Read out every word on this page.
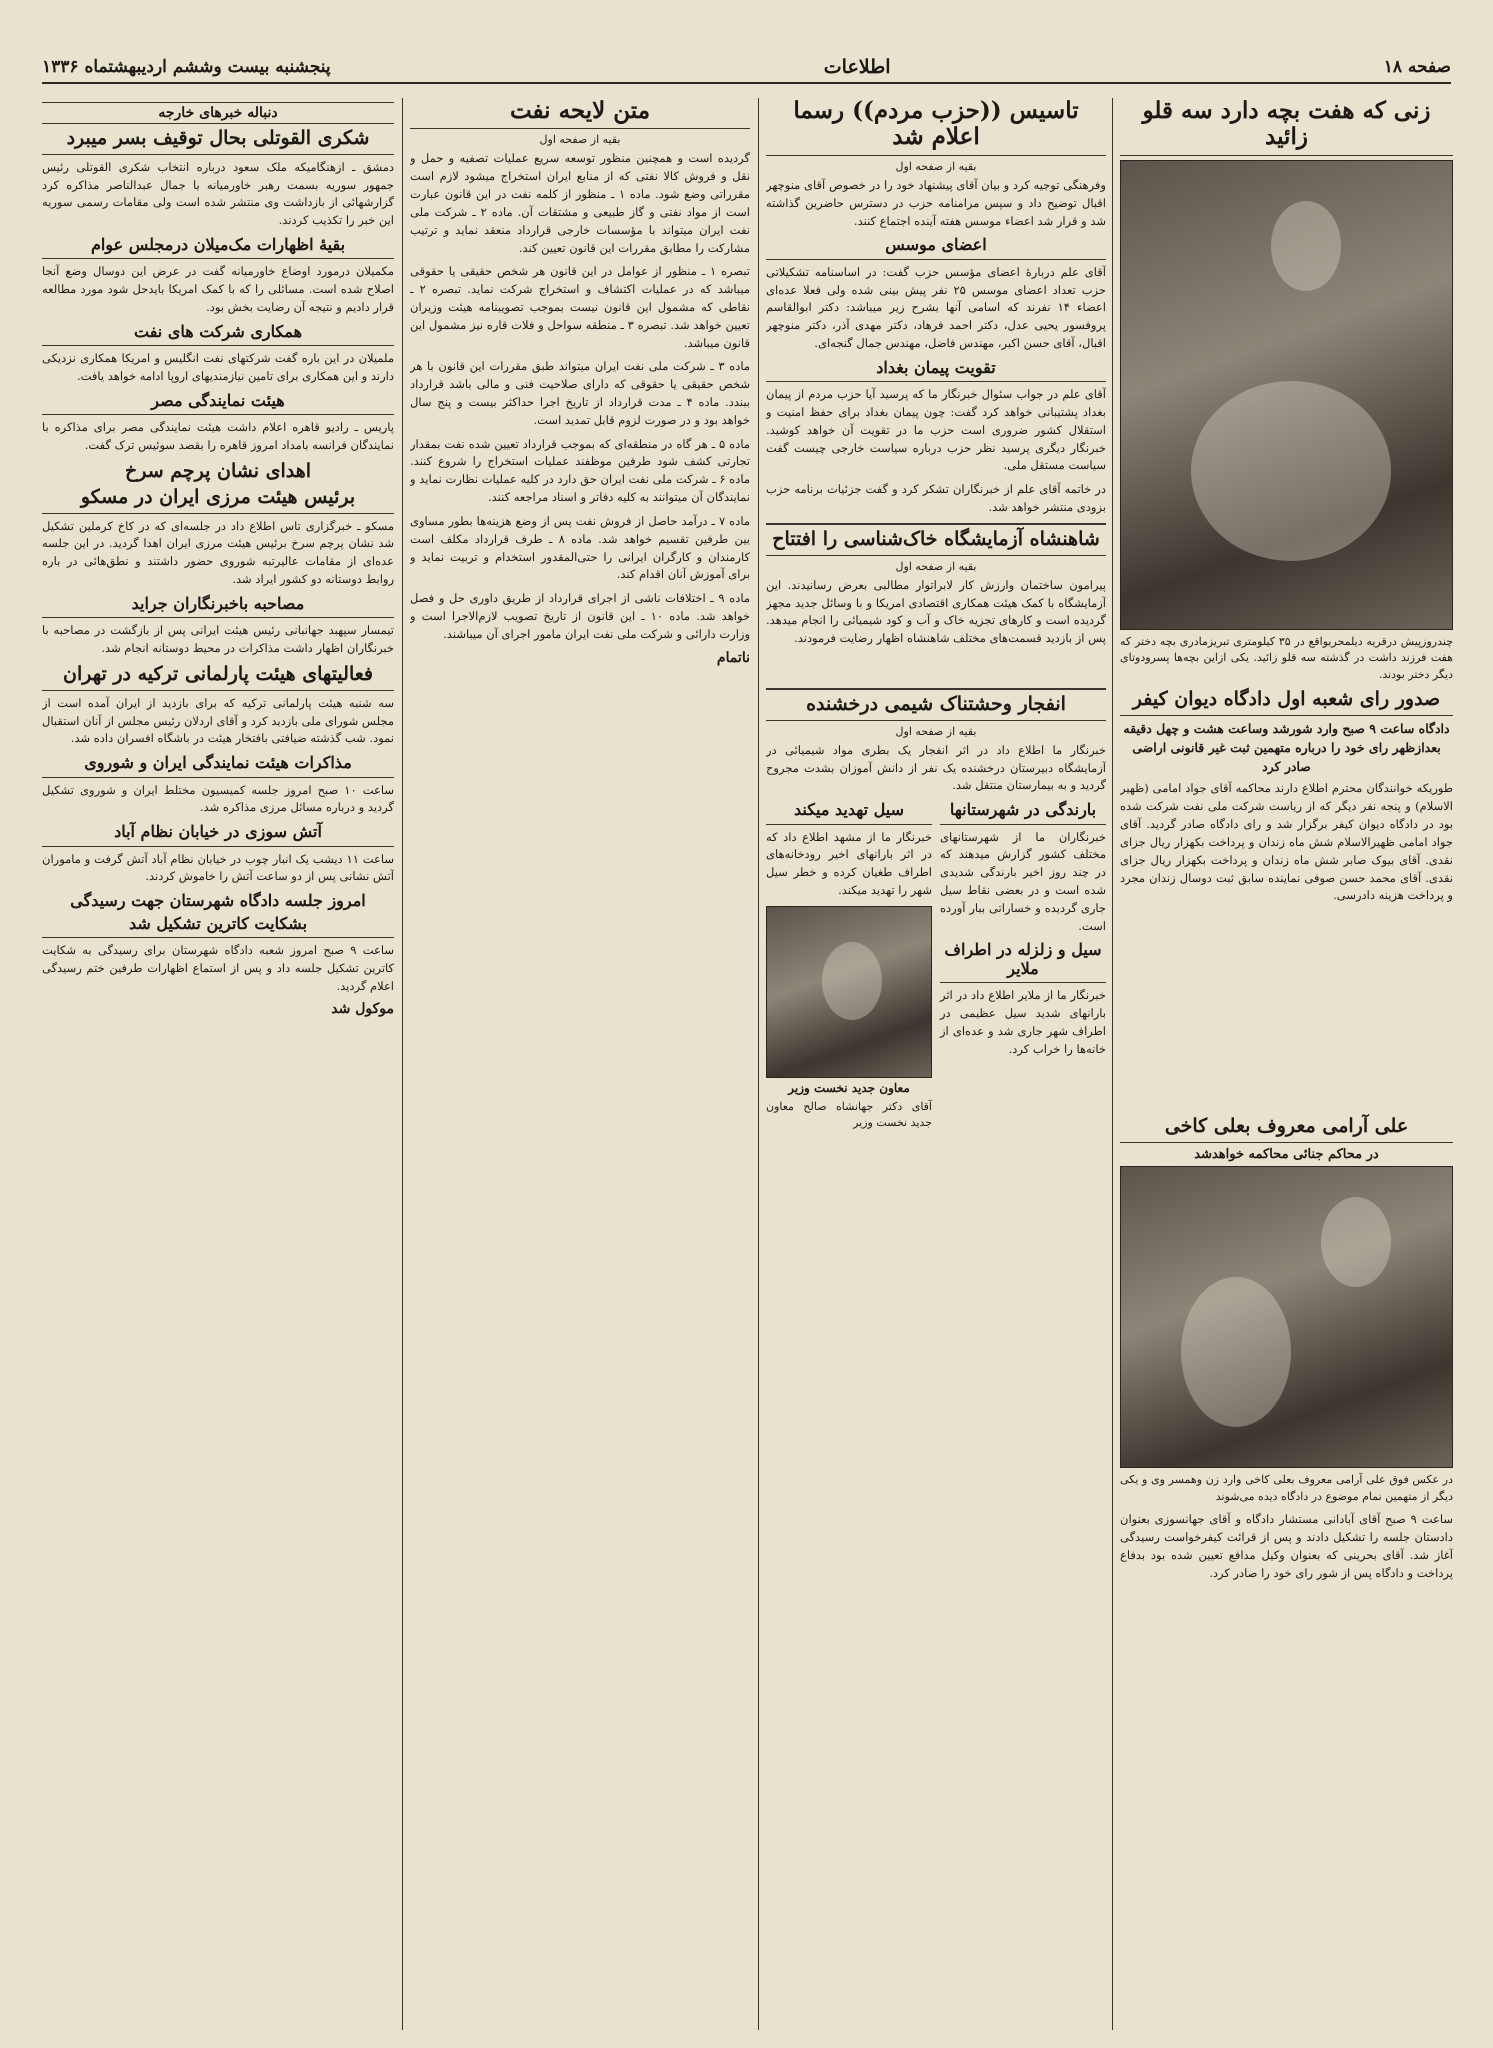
صفحه ۱۸
اطلاعات
پنجشنبه بیست وششم اردیبهشتماه ۱۳۳۶
زنی که هفت بچه دارد سه قلو زائید
چندروزپیش درقریه دیلمحریواقع در ۳۵ کیلومتری تبریزمادری بچه دختر که هفت فرزند داشت در گذشته سه قلو زائید. یکی ازاین بچه‌ها پسرودوتای دیگر دختر بودند.
صدور رای شعبه اول دادگاه دیوان کیفر
دادگاه ساعت ۹ صبح وارد شورشد وساعت هشت و چهل دقیقه بعدازظهر رای خود را درباره متهمین ثبت غیر قانونی اراضی صادر کرد
طوریکه خوانندگان محترم اطلاع دارند محاکمه آقای جواد امامی (ظهیر الاسلام) و پنجه نفر دیگر که از ریاست شرکت ملی نفت شرکت شده بود در دادگاه دیوان کیفر برگزار شد و رای دادگاه صادر گردید. آقای جواد امامی ظهیرالاسلام شش ماه زندان و پرداخت بکهزار ریال جزای نقدی. آقای بیوک صابر شش ماه زندان و پرداخت بکهزار ریال جزای نقدی. آقای محمد حسن صوفی نماینده سابق ثبت دوسال زندان مجرد و پرداخت هزینه دادرسی.
علی آرامی معروف بعلی کاخی
در محاکم جنائی محاکمه خواهدشد
در عکس فوق علی آرامی معروف بعلی کاخی وارد زن وهمسر وی و یکی دیگر از متهمین نمام موضوع در دادگاه دیده می‌شوند
ساعت ۹ صبح آقای آبادانی مستشار دادگاه و آقای جهانسوزی بعنوان دادستان جلسه را تشکیل دادند و پس از قرائت کیفرخواست رسیدگی آغاز شد. آقای بحرینی که بعنوان وکیل مدافع تعیین شده بود بدفاع پرداخت و دادگاه پس از شور رای خود را صادر کرد.
تاسیس ((حزب مردم)) رسما اعلام شد
بقیه از صفحه اول
وفرهنگی توجیه کرد و بیان آقای پیشنهاد خود را در خصوص آقای منوچهر اقبال توضیح داد و سپس مرامنامه حزب در دسترس حاضرین گذاشته شد و قرار شد اعضاء موسس هفته آینده اجتماع کنند.
اعضای موسس
آقای علم دربارهٔ اعضای مؤسس حزب گفت: در اساسنامه تشکیلاتی حزب تعداد اعضای موسس ۲۵ نفر پیش بینی شده ولی فعلا عده‌ای اعضاء ۱۴ نفرند که اسامی آنها بشرح زیر میباشد: دکتر ابوالقاسم پروفسور یحیی عدل، دکتر احمد فرهاد، دکتر مهدی آذر، دکتر منوچهر اقبال، آقای حسن اکبر، مهندس فاضل، مهندس جمال گنجه‌ای.
تقویت پیمان بغداد
آقای علم در جواب سئوال خبرنگار ما که پرسید آیا حزب مردم از پیمان بغداد پشتیبانی خواهد کرد گفت: چون پیمان بغداد برای حفظ امنیت و استقلال کشور ضروری است حزب ما در تقویت آن خواهد کوشید. خبرنگار دیگری پرسید نظر حزب درباره سیاست خارجی چیست گفت سیاست مستقل ملی.
در خاتمه آقای علم از خبرنگاران تشکر کرد و گفت جزئیات برنامه حزب بزودی منتشر خواهد شد.
شاهنشاه آزمایشگاه خاک‌شناسی را افتتاح
بقیه از صفحه اول
پیرامون ساختمان وارزش کار لابراتوار مطالبی بعرض رسانیدند. این آزمایشگاه با کمک هیئت همکاری اقتصادی امریکا و با وسائل جدید مجهز گردیده است و کارهای تجزیه خاک و آب و کود شیمیائی را انجام میدهد. پس از بازدید قسمت‌های مختلف شاهنشاه اظهار رضایت فرمودند.
انفجار وحشتناک شیمی درخشنده
بقیه از صفحه اول
خبرنگار ما اطلاع داد در اثر انفجار یک بطری مواد شیمیائی در آزمایشگاه دبیرستان درخشنده یک نفر از دانش آموزان بشدت مجروح گردید و به بیمارستان منتقل شد.
بارندگی در شهرستانها
خبرنگاران ما از شهرستانهای مختلف کشور گزارش میدهند که در چند روز اخیر بارندگی شدیدی شده است و در بعضی نقاط سیل جاری گردیده و خساراتی ببار آورده است.
سیل و زلزله در اطراف ملایر
خبرنگار ما از ملایر اطلاع داد در اثر بارانهای شدید سیل عظیمی در اطراف شهر جاری شد و عده‌ای از خانه‌ها را خراب کرد.
سیل تهدید میکند
خبرنگار ما از مشهد اطلاع داد که در اثر بارانهای اخیر رودخانه‌های اطراف طغیان کرده و خطر سیل شهر را تهدید میکند.
معاون جدید نخست وزیر
آقای دکتر جهانشاه صالح معاون جدید نخست وزیر
متن لایحه نفت
بقیه از صفحه اول
گردیده است و همچنین منظور توسعه سریع عملیات تصفیه و حمل و نقل و فروش کالا نفتی که از منابع ایران استخراج میشود لازم است مقرراتی وضع شود. ماده ۱ ـ منظور از کلمه نفت در این قانون عبارت است از مواد نفتی و گاز طبیعی و مشتقات آن. ماده ۲ ـ شرکت ملی نفت ایران میتواند با مؤسسات خارجی قرارداد منعقد نماید و ترتیب مشارکت را مطابق مقررات این قانون تعیین کند.
تبصره ۱ ـ منظور از عوامل در این قانون هر شخص حقیقی یا حقوقی میباشد که در عملیات اکتشاف و استخراج شرکت نماید. تبصره ۲ ـ نقاطی که مشمول این قانون نیست بموجب تصویبنامه هیئت وزیران تعیین خواهد شد. تبصره ۳ ـ منطقه سواحل و فلات قاره نیز مشمول این قانون میباشد.
ماده ۳ ـ شرکت ملی نفت ایران میتواند طبق مقررات این قانون با هر شخص حقیقی یا حقوقی که دارای صلاحیت فنی و مالی باشد قرارداد ببندد. ماده ۴ ـ مدت قرارداد از تاریخ اجرا حداکثر بیست و پنج سال خواهد بود و در صورت لزوم قابل تمدید است.
ماده ۵ ـ هر گاه در منطقه‌ای که بموجب قرارداد تعیین شده نفت بمقدار تجارتی کشف شود طرفین موظفند عملیات استخراج را شروع کنند. ماده ۶ ـ شرکت ملی نفت ایران حق دارد در کلیه عملیات نظارت نماید و نمایندگان آن میتوانند به کلیه دفاتر و اسناد مراجعه کنند.
ماده ۷ ـ درآمد حاصل از فروش نفت پس از وضع هزینه‌ها بطور مساوی بین طرفین تقسیم خواهد شد. ماده ۸ ـ طرف قرارداد مکلف است کارمندان و کارگران ایرانی را حتی‌المقدور استخدام و تربیت نماید و برای آموزش آنان اقدام کند.
ماده ۹ ـ اختلافات ناشی از اجرای قرارداد از طریق داوری حل و فصل خواهد شد. ماده ۱۰ ـ این قانون از تاریخ تصویب لازم‌الاجرا است و وزارت دارائی و شرکت ملی نفت ایران مامور اجرای آن میباشند.
ناتمام
دنباله خبرهای خارجه
شکری القوتلی بحال توقیف بسر میبرد
دمشق ـ ازهنگامیکه ملک سعود درباره انتخاب شکری القوتلی رئیس جمهور سوریه بسمت رهبر خاورمیانه با جمال عبدالناصر مذاکره کرد گزارشهائی از بازداشت وی منتشر شده است ولی مقامات رسمی سوریه این خبر را تکذیب کردند.
بقیهٔ اظهارات مک‌میلان درمجلس عوام
مکمیلان درمورد اوضاع خاورمیانه گفت در عرض این دوسال وضع آنجا اصلاح شده است. مسائلی را که با کمک امریکا بایدحل شود مورد مطالعه قرار دادیم و نتیجه آن رضایت بخش بود.
همکاری شرکت های نفت
ملمیلان در این باره گفت شرکتهای نفت انگلیس و امریکا همکاری نزدیکی دارند و این همکاری برای تامین نیازمندیهای اروپا ادامه خواهد یافت.
هیئت نمایندگی مصر
پاریس ـ رادیو قاهره اعلام داشت هیئت نمایندگی مصر برای مذاکره با نمایندگان فرانسه بامداد امروز قاهره را بقصد سوئیس ترک گفت.
اهدای نشان پرچم سرخ
برئیس هیئت مرزی ایران در مسکو
مسکو ـ خبرگزاری تاس اطلاع داد در جلسه‌ای که در کاخ کرملین تشکیل شد نشان پرچم سرخ برئیس هیئت مرزی ایران اهدا گردید. در این جلسه عده‌ای از مقامات عالیرتبه شوروی حضور داشتند و نطق‌هائی در باره روابط دوستانه دو کشور ایراد شد.
مصاحبه باخبرنگاران جراید
تیمسار سپهبد جهانبانی رئیس هیئت ایرانی پس از بازگشت در مصاحبه با خبرنگاران اظهار داشت مذاکرات در محیط دوستانه انجام شد.
فعالیتهای هیئت پارلمانی ترکیه در تهران
سه شنبه هیئت پارلمانی ترکیه که برای بازدید از ایران آمده است از مجلس شورای ملی بازدید کرد و آقای اردلان رئیس مجلس از آنان استقبال نمود. شب گذشته ضیافتی بافتخار هیئت در باشگاه افسران داده شد.
مذاکرات هیئت نمایندگی ایران و شوروی
ساعت ۱۰ صبح امروز جلسه کمیسیون مختلط ایران و شوروی تشکیل گردید و درباره مسائل مرزی مذاکره شد.
آتش سوزی در خیابان نظام آباد
ساعت ۱۱ دیشب یک انبار چوب در خیابان نظام آباد آتش گرفت و ماموران آتش نشانی پس از دو ساعت آتش را خاموش کردند.
امروز جلسه دادگاه شهرستان جهت رسیدگی
بشکایت کاترین تشکیل شد
ساعت ۹ صبح امروز شعبه دادگاه شهرستان برای رسیدگی به شکایت کاترین تشکیل جلسه داد و پس از استماع اظهارات طرفین ختم رسیدگی اعلام گردید.
موکول شد
